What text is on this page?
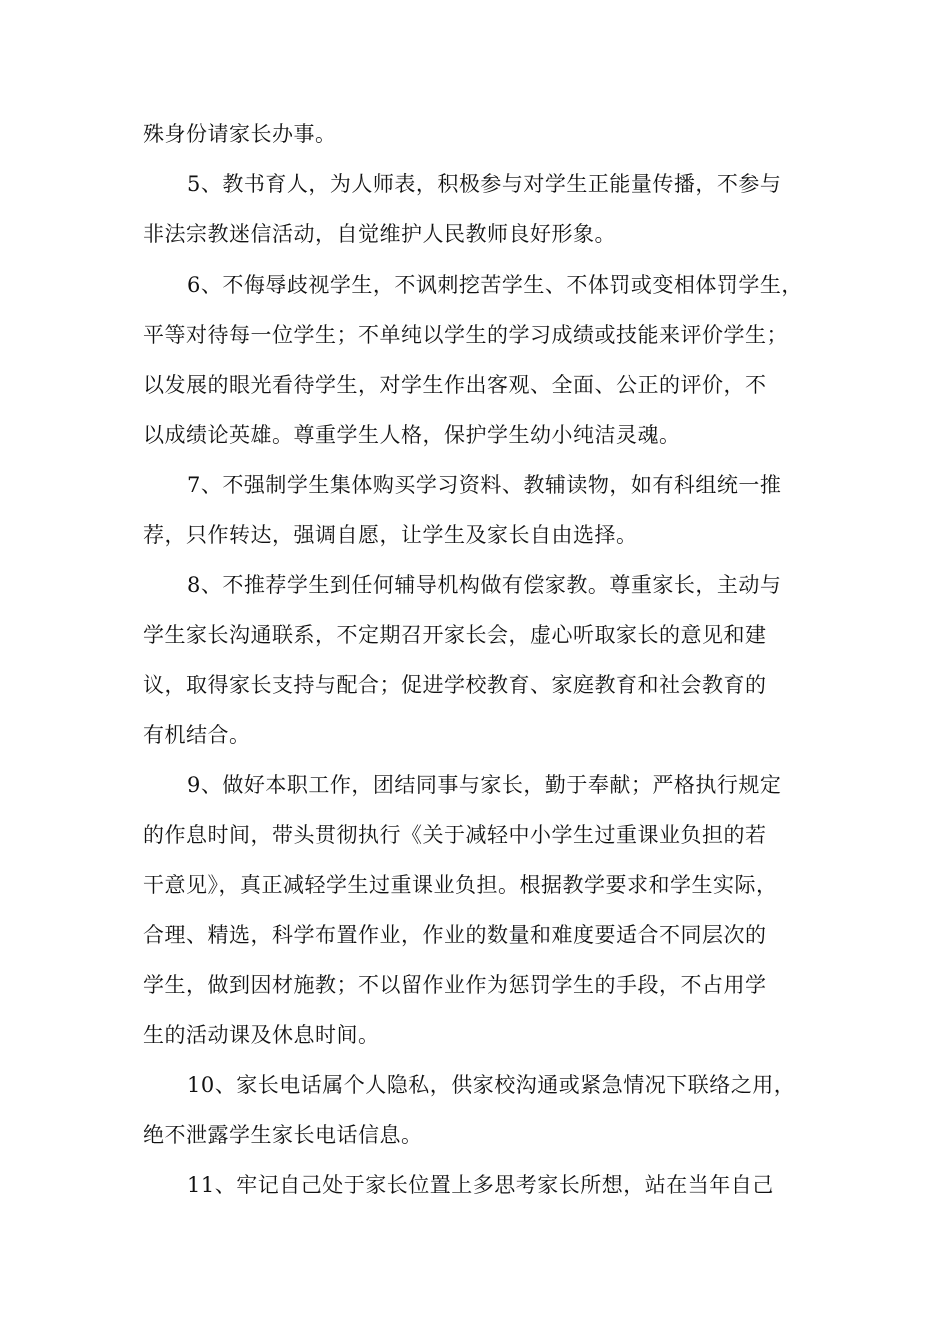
殊身份请家长办事。

5、教书育人，为人师表，积极参与对学生正能量传播，不参与

非法宗教迷信活动，自觉维护人民教师良好形象。

6、不侮辱歧视学生，不讽刺挖苦学生、不体罚或变相体罚学生，

平等对待每一位学生；不单纯以学生的学习成绩或技能来评价学生；

以发展的眼光看待学生，对学生作出客观、全面、公正的评价，不

以成绩论英雄。尊重学生人格，保护学生幼小纯洁灵魂。

7、不强制学生集体购买学习资料、教辅读物，如有科组统一推

荐，只作转达，强调自愿，让学生及家长自由选择。

8、不推荐学生到任何辅导机构做有偿家教。尊重家长，主动与

学生家长沟通联系，不定期召开家长会，虚心听取家长的意见和建

议，取得家长支持与配合；促进学校教育、家庭教育和社会教育的

有机结合。

9、做好本职工作，团结同事与家长，勤于奉献；严格执行规定

的作息时间，带头贯彻执行《关于减轻中小学生过重课业负担的若

干意见》，真正减轻学生过重课业负担。根据教学要求和学生实际，

合理、精选，科学布置作业，作业的数量和难度要适合不同层次的

学生，做到因材施教；不以留作业作为惩罚学生的手段，不占用学

生的活动课及休息时间。

10、家长电话属个人隐私，供家校沟通或紧急情况下联络之用，

绝不泄露学生家长电话信息。

11、牢记自己处于家长位置上多思考家长所想，站在当年自己
